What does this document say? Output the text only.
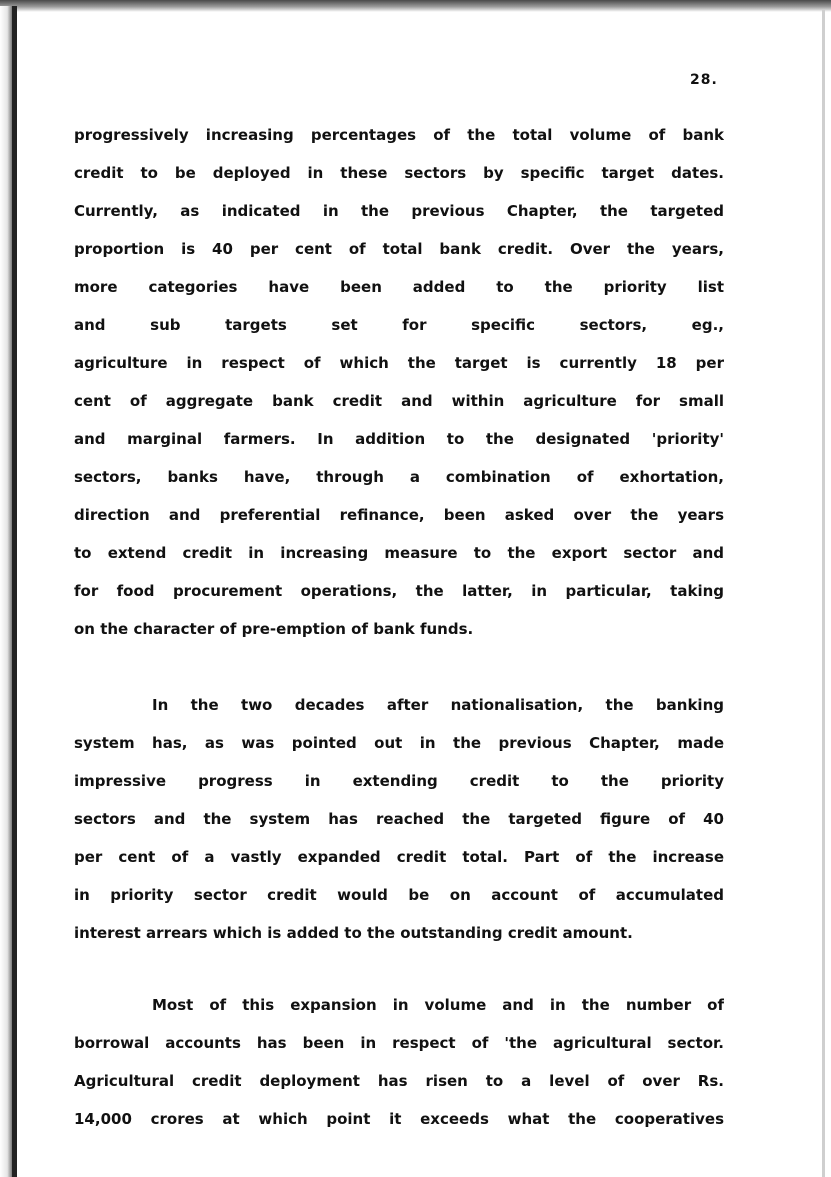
28.
progressively increasing percentages of the total volume of bank
credit to be deployed in these sectors by specific target dates.
Currently, as indicated in the previous Chapter, the targeted
proportion is 40 per cent of total bank credit. Over the years,
more categories have been added to the priority list
and sub targets set for specific sectors, eg.,
agriculture in respect of which the target is currently 18 per
cent of aggregate bank credit and within agriculture for small
and marginal farmers. In addition to the designated 'priority'
sectors, banks have, through a combination of exhortation,
direction and preferential refinance, been asked over the years
to extend credit in increasing measure to the export sector and
for food procurement operations, the latter, in particular, taking
on the character of pre-emption of bank funds.
In the two decades after nationalisation, the banking
system has, as was pointed out in the previous Chapter, made
impressive progress in extending credit to the priority
sectors and the system has reached the targeted figure of 40
per cent of a vastly expanded credit total. Part of the increase
in priority sector credit would be on account of accumulated
interest arrears which is added to the outstanding credit amount.
Most of this expansion in volume and in the number of
borrowal accounts has been in respect of 'the agricultural sector.
Agricultural credit deployment has risen to a level of over Rs.
14,000 crores at which point it exceeds what the cooperatives
